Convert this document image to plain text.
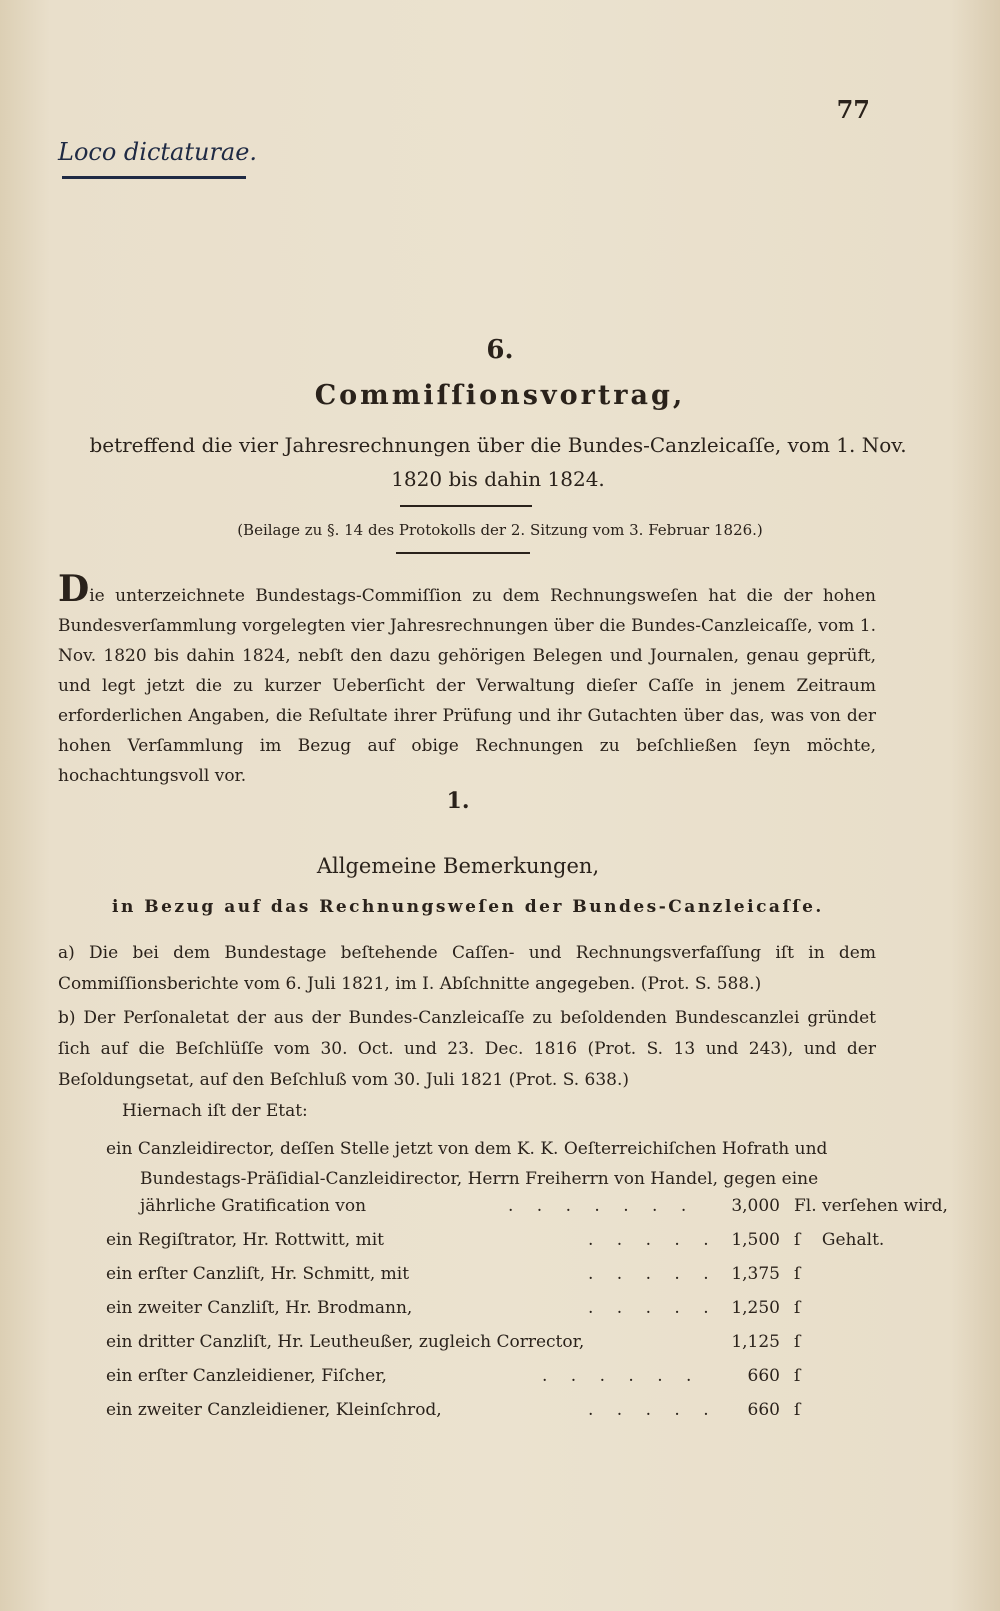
77
Loco dictaturae.
6.
Commiſſionsvortrag,
betreffend die vier Jahresrechnungen über die Bundes-Canzleicaſſe, vom 1. Nov.
1820 bis dahin 1824.
(Beilage zu §. 14 des Protokolls der 2. Sitzung vom 3. Februar 1826.)
Die unterzeichnete Bundestags-Commiſſion zu dem Rechnungsweſen hat die der hohen Bundesverſammlung vorgelegten vier Jahresrechnungen über die Bundes-Canzleicaſſe, vom 1. Nov. 1820 bis dahin 1824, nebſt den dazu gehörigen Belegen und Journalen, genau geprüft, und legt jetzt die zu kurzer Ueberſicht der Verwaltung dieſer Caſſe in jenem Zeitraum erforderlichen Angaben, die Reſultate ihrer Prüfung und ihr Gutachten über das, was von der hohen Verſammlung im Bezug auf obige Rechnungen zu beſchließen ſeyn möchte, hochachtungsvoll vor.
1.
Allgemeine Bemerkungen,
in Bezug auf das Rechnungsweſen der Bundes-Canzleicaſſe.
a) Die bei dem Bundestage beſtehende Caſſen- und Rechnungsverfaſſung iſt in dem Commiſſionsberichte vom 6. Juli 1821, im I. Abſchnitte angegeben. (Prot. S. 588.)
b) Der Perſonaletat der aus der Bundes-Canzleicaſſe zu beſoldenden Bundescanzlei gründet ſich auf die Beſchlüſſe vom 30. Oct. und 23. Dec. 1816 (Prot. S. 13 und 243), und der Beſoldungsetat, auf den Beſchluß vom 30. Juli 1821 (Prot. S. 638.)
Hiernach iſt der Etat:
ein Canzleidirector, deſſen Stelle jetzt von dem K. K. Oeſterreichiſchen Hofrath und
Bundestags-Präſidial-Canzleidirector, Herrn Freiherrn von Handel, gegen eine
jährliche Gratification von	. . . . . . .	3,000 Fl. verſehen wird,
ein Regiſtrator, Hr. Rottwitt, mit	. . . . . 1,500 ſ    Gehalt.
ein erſter Canzliſt, Hr. Schmitt, mit	. . . . . 1,375 ſ
ein zweiter Canzliſt, Hr. Brodmann,	. . . . . 1,250 ſ
ein dritter Canzliſt, Hr. Leutheußer, zugleich Corrector,	1,125 ſ
ein erſter Canzleidiener, Fiſcher,	. . . . . .	660 ſ
ein zweiter Canzleidiener, Kleinſchrod,	. . . . .	660 ſ
